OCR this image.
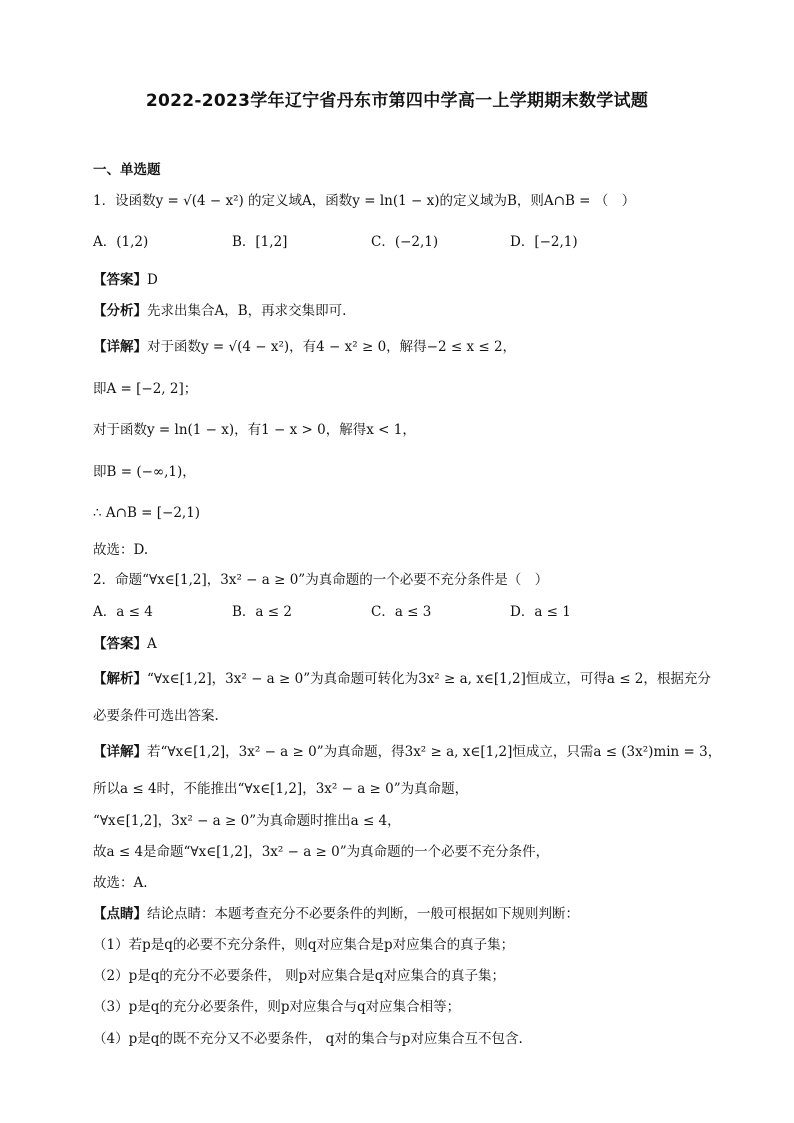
2022-2023学年辽宁省丹东市第四中学高一上学期期末数学试题
一、单选题
1．设函数y = √(4 − x²) 的定义域A，函数y = ln(1 − x)的定义域为B，则A∩B = （　）
A．(1,2)	B．[1,2]	C．(−2,1)	D．[−2,1)
【答案】D
【分析】先求出集合A，B，再求交集即可.
【详解】对于函数y = √(4 − x²)，有4 − x² ≥ 0，解得−2 ≤ x ≤ 2，
即A = [−2, 2]；
对于函数y = ln(1 − x)，有1 − x > 0，解得x < 1，
即B = (−∞,1)，
∴ A∩B = [−2,1)
故选：D.
2．命题“∀x∈[1,2]，3x² − a ≥ 0”为真命题的一个必要不充分条件是（　）
A．a ≤ 4	B．a ≤ 2	C．a ≤ 3	D．a ≤ 1
【答案】A
【解析】“∀x∈[1,2]，3x² − a ≥ 0”为真命题可转化为3x² ≥ a, x∈[1,2]恒成立，可得a ≤ 2，根据充分
必要条件可选出答案.
【详解】若“∀x∈[1,2]，3x² − a ≥ 0”为真命题，得3x² ≥ a, x∈[1,2]恒成立，只需a ≤ (3x²)min = 3，
所以a ≤ 4时，不能推出“∀x∈[1,2]，3x² − a ≥ 0”为真命题，
“∀x∈[1,2]，3x² − a ≥ 0”为真命题时推出a ≤ 4，
故a ≤ 4是命题“∀x∈[1,2]，3x² − a ≥ 0”为真命题的一个必要不充分条件，
故选：A.
【点睛】结论点睛：本题考查充分不必要条件的判断，一般可根据如下规则判断：
（1）若p是q的必要不充分条件，则q对应集合是p对应集合的真子集；
（2）p是q的充分不必要条件， 则p对应集合是q对应集合的真子集；
（3）p是q的充分必要条件，则p对应集合与q对应集合相等；
（4）p是q的既不充分又不必要条件， q对的集合与p对应集合互不包含.
